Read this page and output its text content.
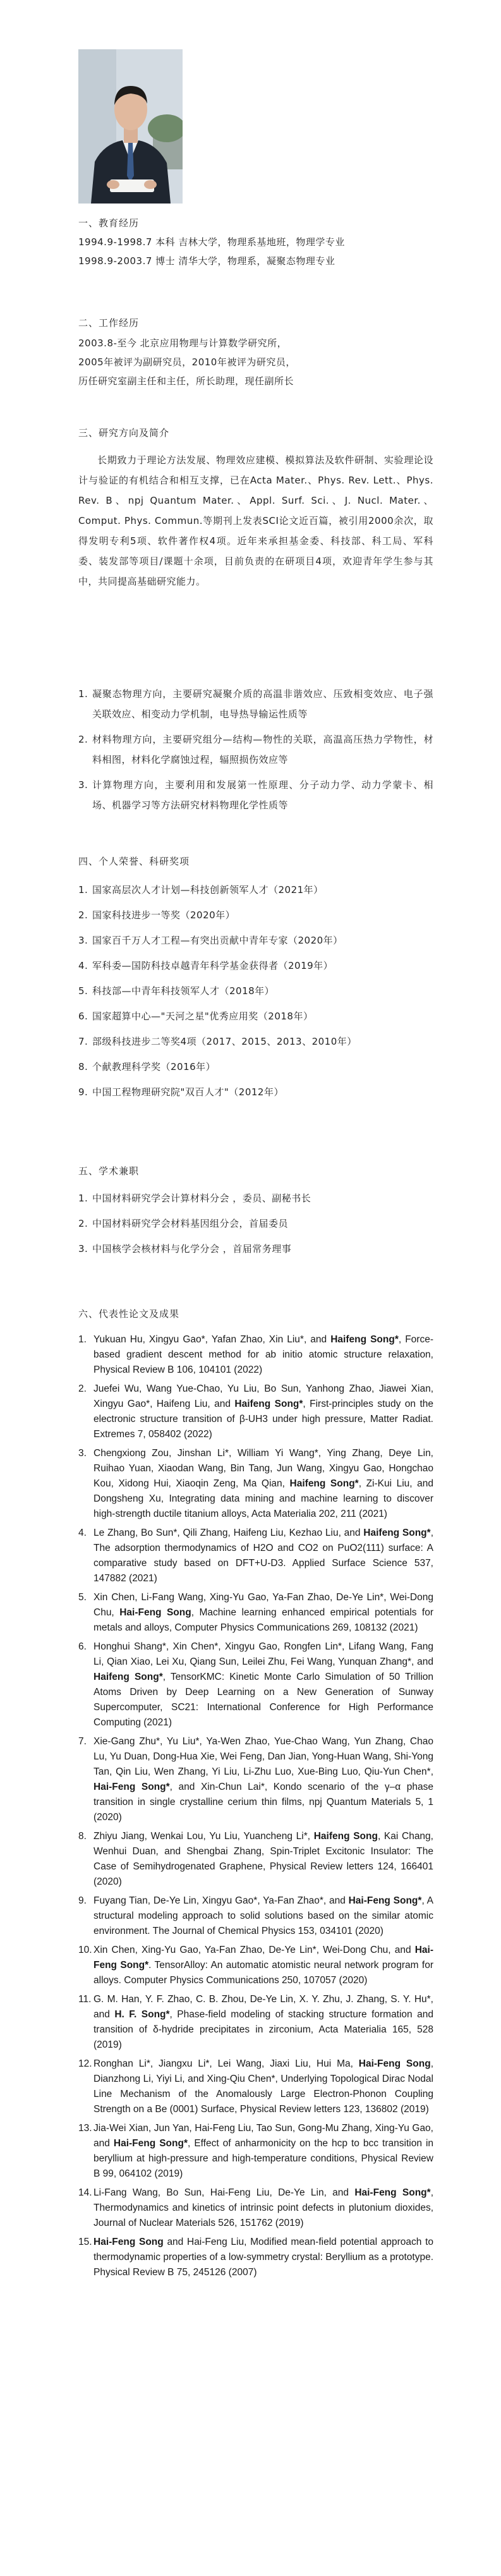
一、教育经历
1994.9-1998.7 本科 吉林大学，物理系基地班，物理学专业
1998.9-2003.7 博士 清华大学，物理系，凝聚态物理专业
二、工作经历
2003.8-至今 北京应用物理与计算数学研究所，
2005年被评为副研究员，2010年被评为研究员，
历任研究室副主任和主任，所长助理，现任副所长
三、研究方向及简介

长期致力于理论方法发展、物理效应建模、模拟算法及软件研制、实验理论设计与验证的有机结合和相互支撑，已在Acta Mater.、Phys. Rev. Lett.、Phys. Rev. B、npj Quantum Mater.、Appl. Surf. Sci.、J. Nucl. Mater.、Comput. Phys. Commun.等期刊上发表SCI论文近百篇，被引用2000余次，取得发明专利5项、软件著作权4项。近年来承担基金委、科技部、科工局、军科委、装发部等项目/课题十余项，目前负责的在研项目4项，欢迎青年学生参与其中，共同提高基础研究能力。

1. 凝聚态物理方向，主要研究凝聚介质的高温非谐效应、压致相变效应、电子强关联效应、相变动力学机制，电导热导输运性质等
2. 材料物理方向，主要研究组分—结构—物性的关联，高温高压热力学物性，材料相图，材料化学腐蚀过程，辐照损伤效应等
3. 计算物理方向，主要利用和发展第一性原理、分子动力学、动力学蒙卡、相场、机器学习等方法研究材料物理化学性质等
四、个人荣誉、科研奖项
1. 国家高层次人才计划—科技创新领军人才（2021年）
2. 国家科技进步一等奖（2020年）
3. 国家百千万人才工程—有突出贡献中青年专家（2020年）
4. 军科委—国防科技卓越青年科学基金获得者（2019年）
5. 科技部—中青年科技领军人才（2018年）
6. 国家超算中心—"天河之星"优秀应用奖（2018年）
7. 部级科技进步二等奖4项（2017、2015、2013、2010年）
8. 个献教理科学奖（2016年）
9. 中国工程物理研究院"双百人才"（2012年）
五、学术兼职
1. 中国材料研究学会计算材料分会 ，委员、副秘书长
2. 中国材料研究学会材料基因组分会，首届委员
3. 中国核学会核材料与化学分会 ，首届常务理事
六、代表性论文及成果
1. Yukuan Hu, Xingyu Gao*, Yafan Zhao, Xin Liu*, and Haifeng Song*, Force-based gradient descent method for ab initio atomic structure relaxation, Physical Review B 106, 104101 (2022)
2. Juefei Wu, Wang Yue-Chao, Yu Liu, Bo Sun, Yanhong Zhao, Jiawei Xian, Xingyu Gao*, Haifeng Liu, and Haifeng Song*, First-principles study on the electronic structure transition of β-UH3 under high pressure, Matter Radiat. Extremes 7, 058402 (2022)
3. Chengxiong Zou, Jinshan Li*, William Yi Wang*, Ying Zhang, Deye Lin, Ruihao Yuan, Xiaodan Wang, Bin Tang, Jun Wang, Xingyu Gao, Hongchao Kou, Xidong Hui, Xiaoqin Zeng, Ma Qian, Haifeng Song*, Zi-Kui Liu, and Dongsheng Xu, Integrating data mining and machine learning to discover high-strength ductile titanium alloys, Acta Materialia 202, 211 (2021)
4. Le Zhang, Bo Sun*, Qili Zhang, Haifeng Liu, Kezhao Liu, and Haifeng Song*, The adsorption thermodynamics of H2O and CO2 on PuO2(111) surface: A comparative study based on DFT+U-D3. Applied Surface Science 537, 147882 (2021)
5. Xin Chen, Li-Fang Wang, Xing-Yu Gao, Ya-Fan Zhao, De-Ye Lin*, Wei-Dong Chu, Hai-Feng Song, Machine learning enhanced empirical potentials for metals and alloys, Computer Physics Communications 269, 108132 (2021)
6. Honghui Shang*, Xin Chen*, Xingyu Gao, Rongfen Lin*, Lifang Wang, Fang Li, Qian Xiao, Lei Xu, Qiang Sun, Leilei Zhu, Fei Wang, Yunquan Zhang*, and Haifeng Song*, TensorKMC: Kinetic Monte Carlo Simulation of 50 Trillion Atoms Driven by Deep Learning on a New Generation of Sunway Supercomputer, SC21: International Conference for High Performance Computing (2021)
7. Xie-Gang Zhu*, Yu Liu*, Ya-Wen Zhao, Yue-Chao Wang, Yun Zhang, Chao Lu, Yu Duan, Dong-Hua Xie, Wei Feng, Dan Jian, Yong-Huan Wang, Shi-Yong Tan, Qin Liu, Wen Zhang, Yi Liu, Li-Zhu Luo, Xue-Bing Luo, Qiu-Yun Chen*, Hai-Feng Song*, and Xin-Chun Lai*, Kondo scenario of the γ–α phase transition in single crystalline cerium thin films, npj Quantum Materials 5, 1 (2020)
8. Zhiyu Jiang, Wenkai Lou, Yu Liu, Yuancheng Li*, Haifeng Song, Kai Chang, Wenhui Duan, and Shengbai Zhang, Spin-Triplet Excitonic Insulator: The Case of Semihydrogenated Graphene, Physical Review letters 124, 166401 (2020)
9. Fuyang Tian, De-Ye Lin, Xingyu Gao*, Ya-Fan Zhao*, and Hai-Feng Song*, A structural modeling approach to solid solutions based on the similar atomic environment. The Journal of Chemical Physics 153, 034101 (2020)
10. Xin Chen, Xing-Yu Gao, Ya-Fan Zhao, De-Ye Lin*, Wei-Dong Chu, and Hai-Feng Song*. TensorAlloy: An automatic atomistic neural network program for alloys. Computer Physics Communications 250, 107057 (2020)
11. G. M. Han, Y. F. Zhao, C. B. Zhou, De-Ye Lin, X. Y. Zhu, J. Zhang, S. Y. Hu*, and H. F. Song*, Phase-field modeling of stacking structure formation and transition of δ-hydride precipitates in zirconium, Acta Materialia 165, 528 (2019)
12. Ronghan Li*, Jiangxu Li*, Lei Wang, Jiaxi Liu, Hui Ma, Hai-Feng Song, Dianzhong Li, Yiyi Li, and Xing-Qiu Chen*, Underlying Topological Dirac Nodal Line Mechanism of the Anomalously Large Electron-Phonon Coupling Strength on a Be (0001) Surface, Physical Review letters 123, 136802 (2019)
13. Jia-Wei Xian, Jun Yan, Hai-Feng Liu, Tao Sun, Gong-Mu Zhang, Xing-Yu Gao, and Hai-Feng Song*, Effect of anharmonicity on the hcp to bcc transition in beryllium at high-pressure and high-temperature conditions, Physical Review B 99, 064102 (2019)
14. Li-Fang Wang, Bo Sun, Hai-Feng Liu, De-Ye Lin, and Hai-Feng Song*, Thermodynamics and kinetics of intrinsic point defects in plutonium dioxides, Journal of Nuclear Materials 526, 151762 (2019)
15. Hai-Feng Song and Hai-Feng Liu, Modified mean-field potential approach to thermodynamic properties of a low-symmetry crystal: Beryllium as a prototype. Physical Review B 75, 245126 (2007)
